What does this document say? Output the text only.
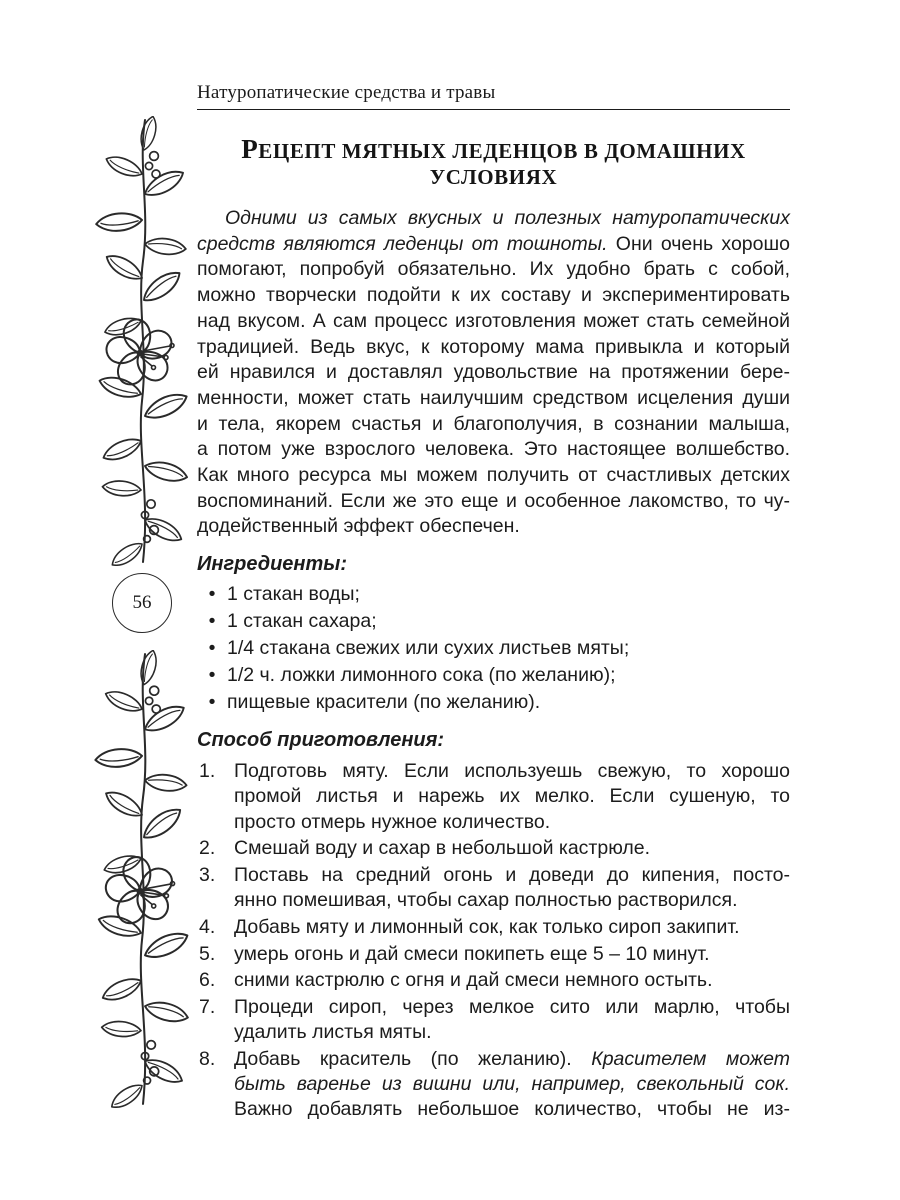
56
Натуропатические средства и травы
РЕЦЕПТ МЯТНЫХ ЛЕДЕНЦОВ В ДОМАШНИХ УСЛОВИЯХ
Одними из самых вкусных и полезных натуропатических
средств являются леденцы от тошноты. Они очень хорошо
помогают, попробуй обязательно. Их удобно брать с собой,
можно творчески подойти к их составу и экспериментировать
над вкусом. А сам процесс изготовления может стать семейной
традицией. Ведь вкус, к которому мама привыкла и который
ей нравился и доставлял удовольствие на протяжении бере-
менности, может стать наилучшим средством исцеления души
и тела, якорем счастья и благополучия, в сознании малыша,
а потом уже взрослого человека. Это настоящее волшебство.
Как много ресурса мы можем получить от счастливых детских
воспоминаний. Если же это еще и особенное лакомство, то чу-
додейственный эффект обеспечен.
Ингредиенты:
• 1 стакан воды;
• 1 стакан сахара;
• 1/4 стакана свежих или сухих листьев мяты;
• 1/2 ч. ложки лимонного сока (по желанию);
• пищевые красители (по желанию).
Способ приготовления:
1. Подготовь мяту. Если используешь свежую, то хорошо
промой листья и нарежь их мелко. Если сушеную, то
просто отмерь нужное количество.
2. Смешай воду и сахар в небольшой кастрюле.
3. Поставь на средний огонь и доведи до кипения, посто-
янно помешивая, чтобы сахар полностью растворился.
4. Добавь мяту и лимонный сок, как только сироп закипит.
5. умерь огонь и дай смеси покипеть еще 5 – 10 минут.
6. сними кастрюлю с огня и дай смеси немного остыть.
7. Процеди сироп, через мелкое сито или марлю, чтобы
удалить листья мяты.
8. Добавь краситель (по желанию). Красителем может
быть варенье из вишни или, например, свекольный сок.
Важно добавлять небольшое количество, чтобы не из-
